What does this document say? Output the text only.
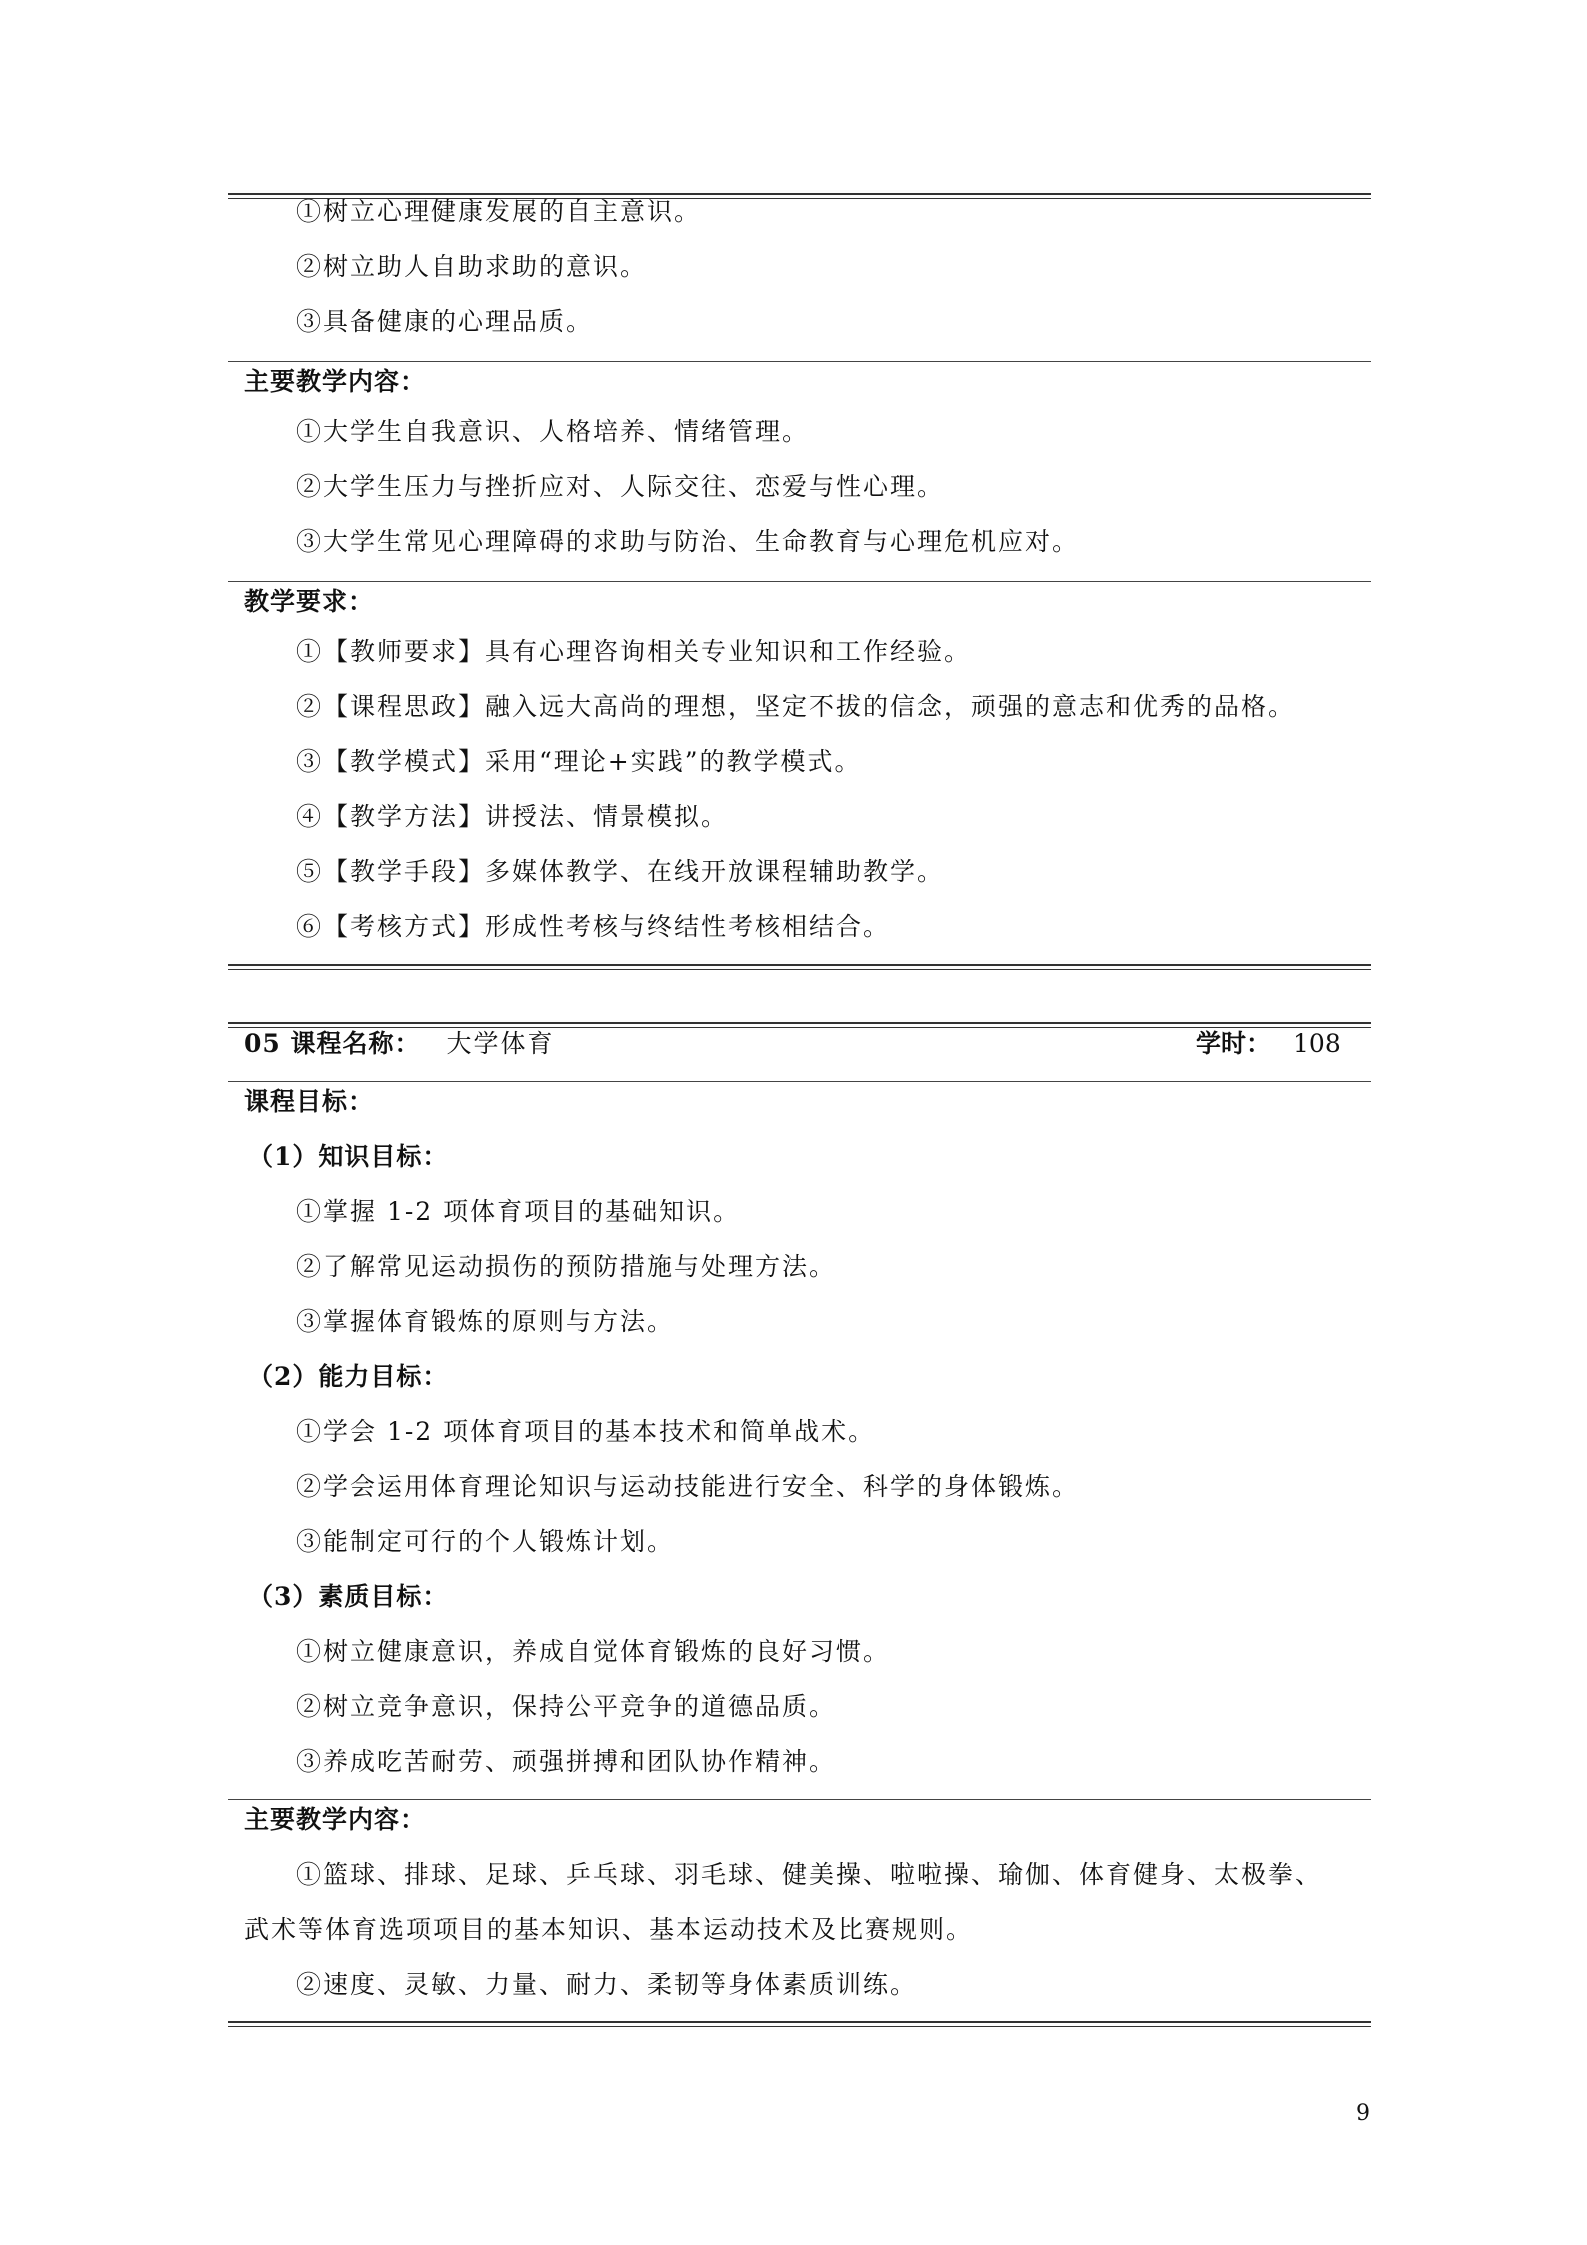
①树立心理健康发展的自主意识。
②树立助人自助求助的意识。
③具备健康的心理品质。
主要教学内容：
①大学生自我意识、人格培养、情绪管理。
②大学生压力与挫折应对、人际交往、恋爱与性心理。
③大学生常见心理障碍的求助与防治、生命教育与心理危机应对。
教学要求：
①【教师要求】具有心理咨询相关专业知识和工作经验。
②【课程思政】融入远大高尚的理想，坚定不拔的信念，顽强的意志和优秀的品格。
③【教学模式】采用“理论+实践”的教学模式。
④【教学方法】讲授法、情景模拟。
⑤【教学手段】多媒体教学、在线开放课程辅助教学。
⑥【考核方式】形成性考核与终结性考核相结合。
05 课程名称： 大学体育	学时： 108
课程目标：
（1）知识目标：
①掌握 1-2 项体育项目的基础知识。
②了解常见运动损伤的预防措施与处理方法。
③掌握体育锻炼的原则与方法。
（2）能力目标：
①学会 1-2 项体育项目的基本技术和简单战术。
②学会运用体育理论知识与运动技能进行安全、科学的身体锻炼。
③能制定可行的个人锻炼计划。
（3）素质目标：
①树立健康意识，养成自觉体育锻炼的良好习惯。
②树立竞争意识，保持公平竞争的道德品质。
③养成吃苦耐劳、顽强拼搏和团队协作精神。
主要教学内容：
①篮球、排球、足球、乒乓球、羽毛球、健美操、啦啦操、瑜伽、体育健身、太极拳、
武术等体育选项项目的基本知识、基本运动技术及比赛规则。
②速度、灵敏、力量、耐力、柔韧等身体素质训练。
9
